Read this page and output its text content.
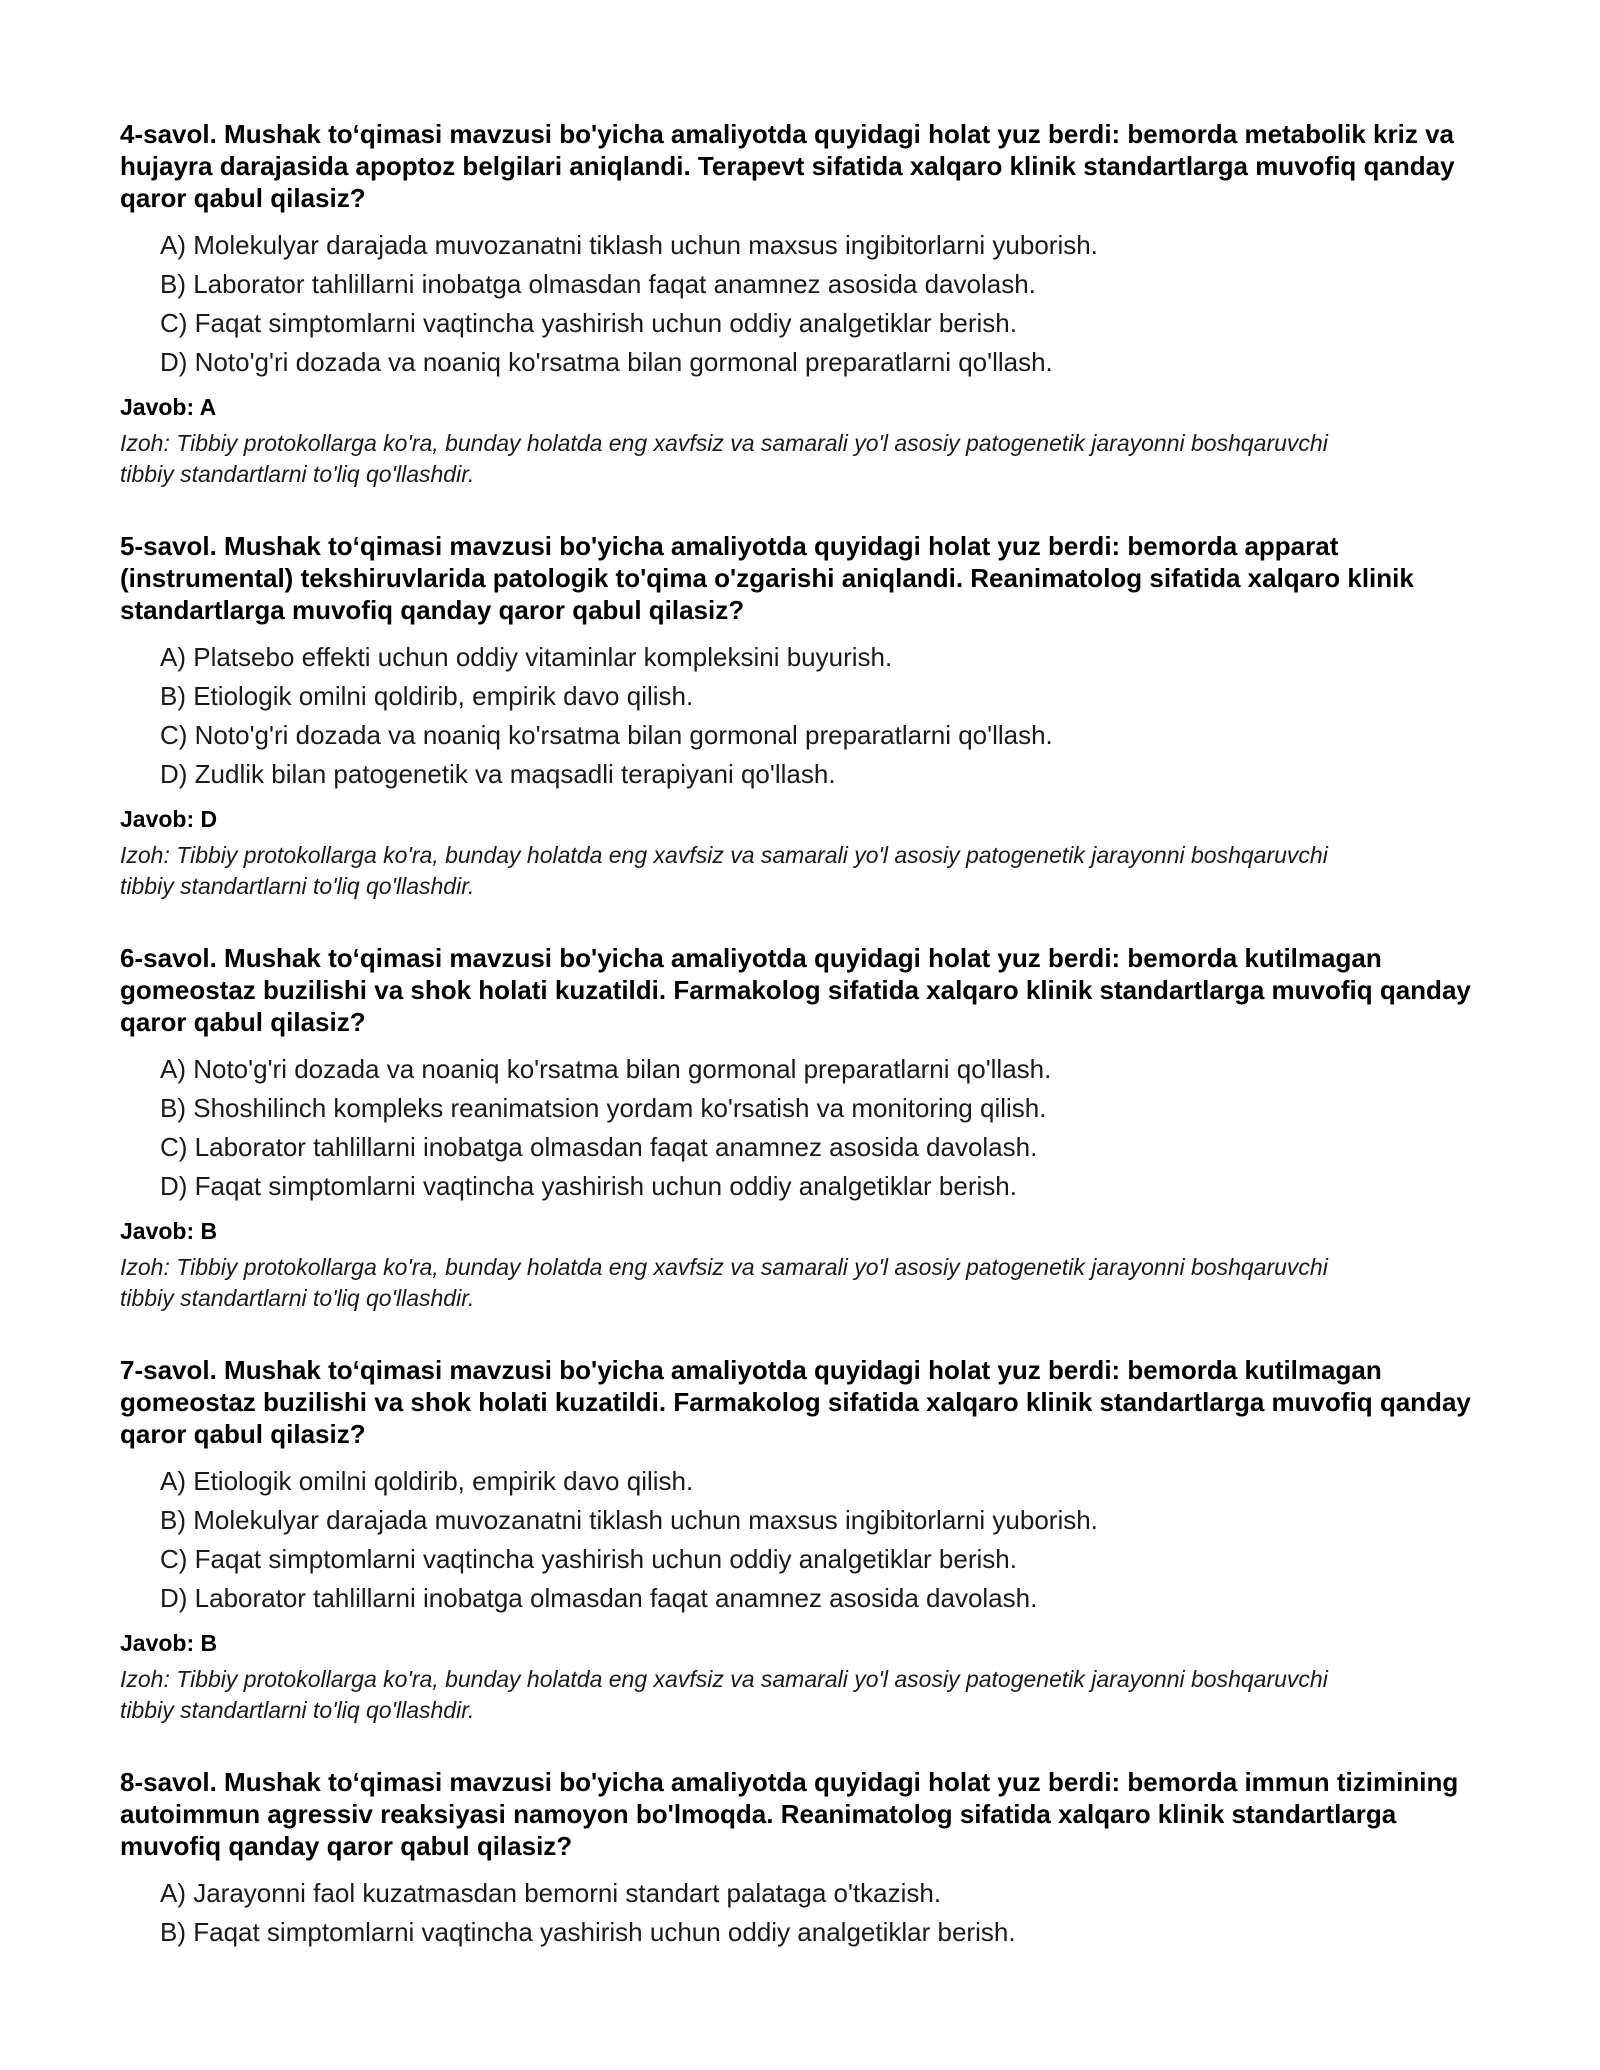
4-savol. Mushak to‘qimasi mavzusi bo'yicha amaliyotda quyidagi holat yuz berdi: bemorda metabolik kriz va hujayra darajasida apoptoz belgilari aniqlandi. Terapevt sifatida xalqaro klinik standartlarga muvofiq qanday qaror qabul qilasiz?
A) Molekulyar darajada muvozanatni tiklash uchun maxsus ingibitorlarni yuborish.
B) Laborator tahlillarni inobatga olmasdan faqat anamnez asosida davolash.
C) Faqat simptomlarni vaqtincha yashirish uchun oddiy analgetiklar berish.
D) Noto'g'ri dozada va noaniq ko'rsatma bilan gormonal preparatlarni qo'llash.
Javob: A
Izoh: Tibbiy protokollarga ko'ra, bunday holatda eng xavfsiz va samarali yo'l asosiy patogenetik jarayonni boshqaruvchi tibbiy standartlarni to'liq qo'llashdir.
5-savol. Mushak to‘qimasi mavzusi bo'yicha amaliyotda quyidagi holat yuz berdi: bemorda apparat (instrumental) tekshiruvlarida patologik to'qima o'zgarishi aniqlandi. Reanimatolog sifatida xalqaro klinik standartlarga muvofiq qanday qaror qabul qilasiz?
A) Platsebo effekti uchun oddiy vitaminlar kompleksini buyurish.
B) Etiologik omilni qoldirib, empirik davo qilish.
C) Noto'g'ri dozada va noaniq ko'rsatma bilan gormonal preparatlarni qo'llash.
D) Zudlik bilan patogenetik va maqsadli terapiyani qo'llash.
Javob: D
Izoh: Tibbiy protokollarga ko'ra, bunday holatda eng xavfsiz va samarali yo'l asosiy patogenetik jarayonni boshqaruvchi tibbiy standartlarni to'liq qo'llashdir.
6-savol. Mushak to‘qimasi mavzusi bo'yicha amaliyotda quyidagi holat yuz berdi: bemorda kutilmagan gomeostaz buzilishi va shok holati kuzatildi. Farmakolog sifatida xalqaro klinik standartlarga muvofiq qanday qaror qabul qilasiz?
A) Noto'g'ri dozada va noaniq ko'rsatma bilan gormonal preparatlarni qo'llash.
B) Shoshilinch kompleks reanimatsion yordam ko'rsatish va monitoring qilish.
C) Laborator tahlillarni inobatga olmasdan faqat anamnez asosida davolash.
D) Faqat simptomlarni vaqtincha yashirish uchun oddiy analgetiklar berish.
Javob: B
Izoh: Tibbiy protokollarga ko'ra, bunday holatda eng xavfsiz va samarali yo'l asosiy patogenetik jarayonni boshqaruvchi tibbiy standartlarni to'liq qo'llashdir.
7-savol. Mushak to‘qimasi mavzusi bo'yicha amaliyotda quyidagi holat yuz berdi: bemorda kutilmagan gomeostaz buzilishi va shok holati kuzatildi. Farmakolog sifatida xalqaro klinik standartlarga muvofiq qanday qaror qabul qilasiz?
A) Etiologik omilni qoldirib, empirik davo qilish.
B) Molekulyar darajada muvozanatni tiklash uchun maxsus ingibitorlarni yuborish.
C) Faqat simptomlarni vaqtincha yashirish uchun oddiy analgetiklar berish.
D) Laborator tahlillarni inobatga olmasdan faqat anamnez asosida davolash.
Javob: B
Izoh: Tibbiy protokollarga ko'ra, bunday holatda eng xavfsiz va samarali yo'l asosiy patogenetik jarayonni boshqaruvchi tibbiy standartlarni to'liq qo'llashdir.
8-savol. Mushak to‘qimasi mavzusi bo'yicha amaliyotda quyidagi holat yuz berdi: bemorda immun tizimining autoimmun agressiv reaksiyasi namoyon bo'lmoqda. Reanimatolog sifatida xalqaro klinik standartlarga muvofiq qanday qaror qabul qilasiz?
A) Jarayonni faol kuzatmasdan bemorni standart palataga o'tkazish.
B) Faqat simptomlarni vaqtincha yashirish uchun oddiy analgetiklar berish.
